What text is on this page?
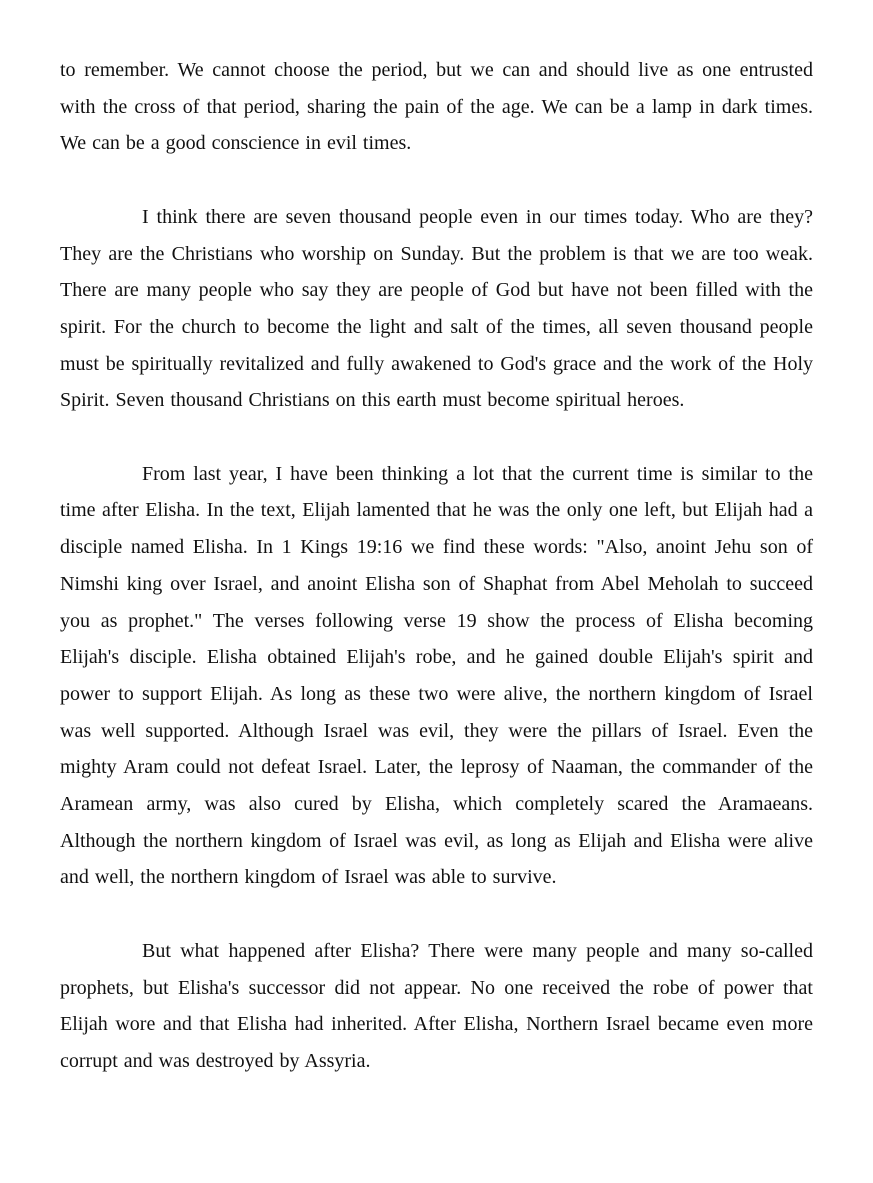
to remember. We cannot choose the period, but we can and should live as one entrusted with the cross of that period, sharing the pain of the age. We can be a lamp in dark times. We can be a good conscience in evil times.

I think there are seven thousand people even in our times today. Who are they? They are the Christians who worship on Sunday. But the problem is that we are too weak. There are many people who say they are people of God but have not been filled with the spirit. For the church to become the light and salt of the times, all seven thousand people must be spiritually revitalized and fully awakened to God's grace and the work of the Holy Spirit. Seven thousand Christians on this earth must become spiritual heroes.

From last year, I have been thinking a lot that the current time is similar to the time after Elisha. In the text, Elijah lamented that he was the only one left, but Elijah had a disciple named Elisha. In 1 Kings 19:16 we find these words: "Also, anoint Jehu son of Nimshi king over Israel, and anoint Elisha son of Shaphat from Abel Meholah to succeed you as prophet." The verses following verse 19 show the process of Elisha becoming Elijah's disciple. Elisha obtained Elijah's robe, and he gained double Elijah's spirit and power to support Elijah. As long as these two were alive, the northern kingdom of Israel was well supported. Although Israel was evil, they were the pillars of Israel. Even the mighty Aram could not defeat Israel. Later, the leprosy of Naaman, the commander of the Aramean army, was also cured by Elisha, which completely scared the Aramaeans. Although the northern kingdom of Israel was evil, as long as Elijah and Elisha were alive and well, the northern kingdom of Israel was able to survive.

But what happened after Elisha? There were many people and many so-called prophets, but Elisha's successor did not appear. No one received the robe of power that Elijah wore and that Elisha had inherited. After Elisha, Northern Israel became even more corrupt and was destroyed by Assyria.
